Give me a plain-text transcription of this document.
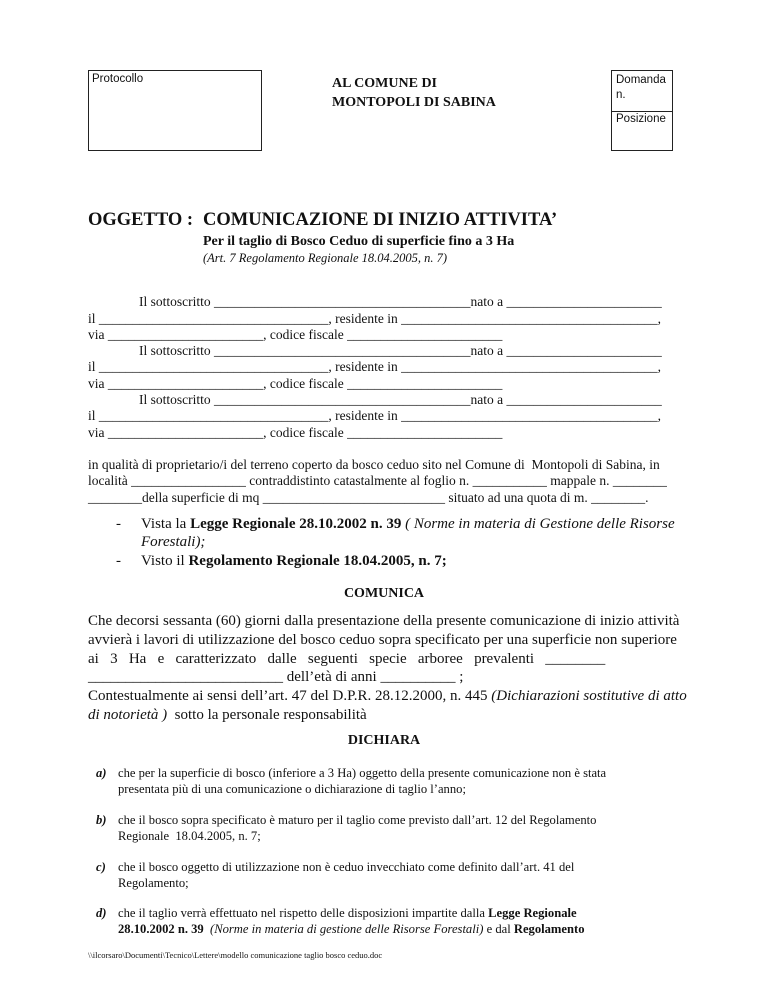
Protocollo	AL COMUNE DI
MONTOPOLI DI SABINA
Domanda
n.
Posizione
OGGETTO : COMUNICAZIONE DI INIZIO ATTIVITA’
Per il taglio di Bosco Ceduo di superficie fino a 3 Ha
(Art. 7 Regolamento Regionale 18.04.2005, n. 7)
Il sottoscritto ______________________________________nato a _______________________
il __________________________________, residente in ______________________________________,
via _______________________, codice fiscale _______________________
Il sottoscritto ______________________________________nato a _______________________
il __________________________________, residente in ______________________________________,
via _______________________, codice fiscale _______________________
Il sottoscritto ______________________________________nato a _______________________
il __________________________________, residente in ______________________________________,
via _______________________, codice fiscale _______________________
in qualità di proprietario/i del terreno coperto da bosco ceduo sito nel Comune di  Montopoli di Sabina, in
località _________________ contraddistinto catastalmente al foglio n. ___________ mappale n. ________
________della superficie di mq ___________________________ situato ad una quota di m. ________.
- Vista la Legge Regionale 28.10.2002 n. 39 ( Norme in materia di Gestione delle Risorse
Forestali);
- Visto il Regolamento Regionale 18.04.2005, n. 7;
COMUNICA
Che decorsi sessanta (60) giorni dalla presentazione della presente comunicazione di inizio attività
avvierà i lavori di utilizzazione del bosco ceduo sopra specificato per una superficie non superiore
ai   3   Ha   e   caratterizzato   dalle   seguenti   specie   arboree   prevalenti   ________
__________________________ dell’età di anni __________ ;
Contestualmente ai sensi dell’art. 47 del D.P.R. 28.12.2000, n. 445 (Dichiarazioni sostitutive di atto
di notorietà )  sotto la personale responsabilità
DICHIARA
a) che per la superficie di bosco (inferiore a 3 Ha) oggetto della presente comunicazione non è stata
presentata più di una comunicazione o dichiarazione di taglio l’anno;
b) che il bosco sopra specificato è maturo per il taglio come previsto dall’art. 12 del Regolamento
Regionale  18.04.2005, n. 7;
c) che il bosco oggetto di utilizzazione non è ceduo invecchiato come definito dall’art. 41 del
Regolamento;
d) che il taglio verrà effettuato nel rispetto delle disposizioni impartite dalla Legge Regionale
28.10.2002 n. 39  (Norme in materia di gestione delle Risorse Forestali) e dal Regolamento
\\ilcorsaro\Documenti\Tecnico\Lettere\modello comunicazione taglio bosco ceduo.doc
